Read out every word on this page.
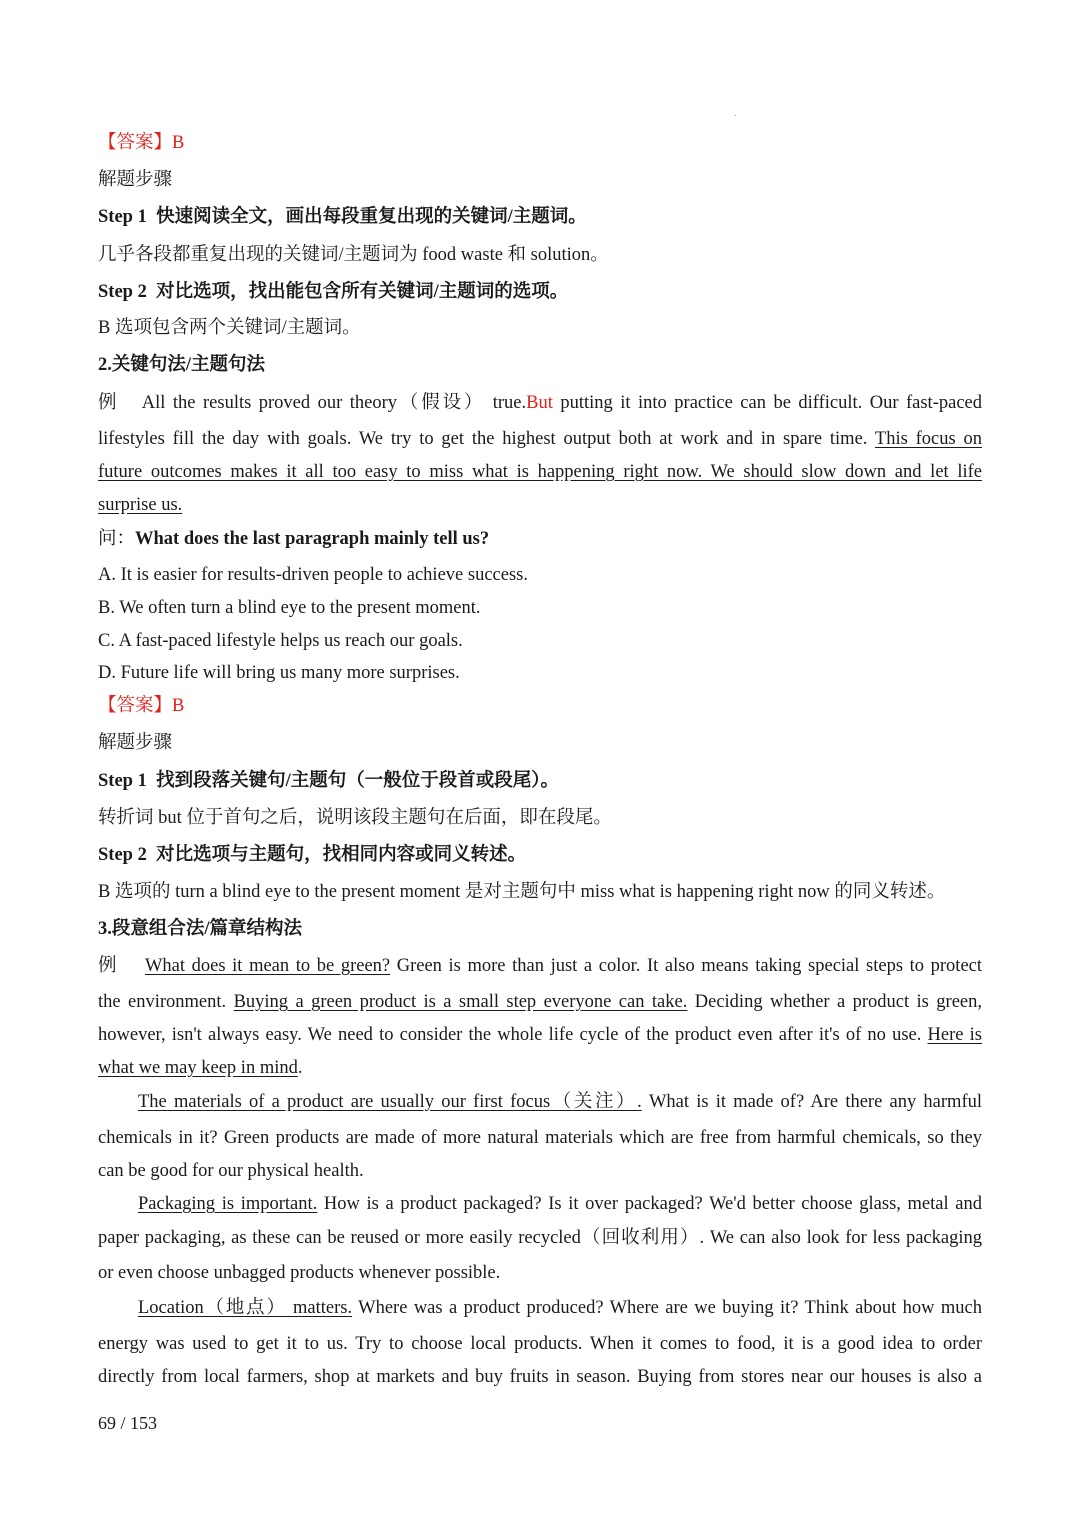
【答案】B
解题步骤
Step 1 快速阅读全文，画出每段重复出现的关键词/主题词。
几乎各段都重复出现的关键词/主题词为 food waste 和 solution。
Step 2 对比选项，找出能包含所有关键词/主题词的选项。
B 选项包含两个关键词/主题词。
2.关键句法/主题句法
例 All the results proved our theory（假设） true.But putting it into practice can be difficult. Our fast-paced
lifestyles fill the day with goals. We try to get the highest output both at work and in spare time. This focus on
future outcomes makes it all too easy to miss what is happening right now. We should slow down and let life
surprise us.
问：What does the last paragraph mainly tell us?
A. It is easier for results-driven people to achieve success.
B. We often turn a blind eye to the present moment.
C. A fast-paced lifestyle helps us reach our goals.
D. Future life will bring us many more surprises.
【答案】B
解题步骤
Step 1 找到段落关键句/主题句（一般位于段首或段尾）。
转折词 but 位于首句之后，说明该段主题句在后面，即在段尾。
Step 2 对比选项与主题句，找相同内容或同义转述。
B 选项的 turn a blind eye to the present moment 是对主题句中 miss what is happening right now 的同义转述。
3.段意组合法/篇章结构法
例 What does it mean to be green? Green is more than just a color. It also means taking special steps to protect
the environment. Buying a green product is a small step everyone can take. Deciding whether a product is green,
however, isn't always easy. We need to consider the whole life cycle of the product even after it's of no use. Here is
what we may keep in mind.
The materials of a product are usually our first focus（关注）. What is it made of? Are there any harmful
chemicals in it? Green products are made of more natural materials which are free from harmful chemicals, so they
can be good for our physical health.
Packaging is important. How is a product packaged? Is it over packaged? We'd better choose glass, metal and
paper packaging, as these can be reused or more easily recycled（回收利用）. We can also look for less packaging
or even choose unbagged products whenever possible.
Location（地点） matters. Where was a product produced? Where are we buying it? Think about how much
energy was used to get it to us. Try to choose local products. When it comes to food, it is a good idea to order
directly from local farmers, shop at markets and buy fruits in season. Buying from stores near our houses is also a
69 / 153
